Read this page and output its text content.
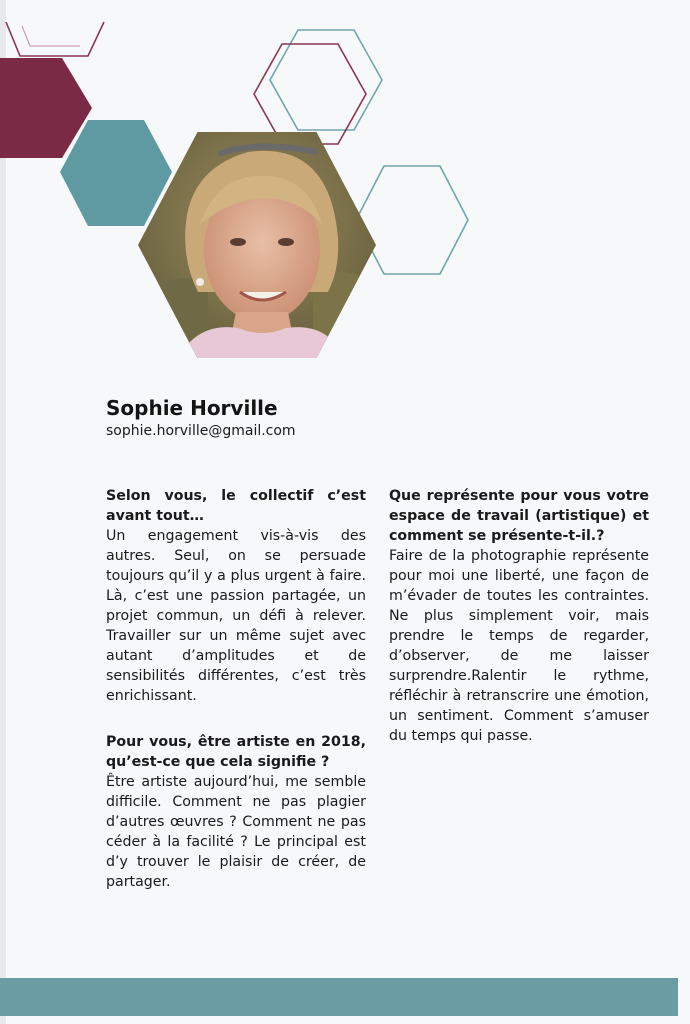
Sophie Horville
sophie.horville@gmail.com

Selon vous, le collectif c’est avant tout…

Un engagement vis-à-vis des autres. Seul, on se persuade toujours qu’il y a plus urgent à faire. Là, c’est une passion partagée, un projet commun, un défi à relever. Travailler sur un même sujet avec autant d’amplitudes et de sensibilités différentes, c’est très enrichissant.

Pour vous, être artiste en 2018, qu’est-ce que cela signifie ?

Être artiste aujourd’hui, me semble difficile. Comment ne pas plagier d’autres œuvres ? Comment ne pas céder à la facilité ? Le principal est d’y trouver le plaisir de créer, de partager.

Que représente pour vous votre espace de travail (artistique) et comment se présente-t-il.?

Faire de la photographie représente pour moi une liberté, une façon de m’évader de toutes les contraintes. Ne plus simplement voir, mais prendre le temps de regarder, d’observer, de me laisser surprendre.Ralentir le rythme, réfléchir à retranscrire une émotion, un sentiment. Comment s’amuser du temps qui passe.
